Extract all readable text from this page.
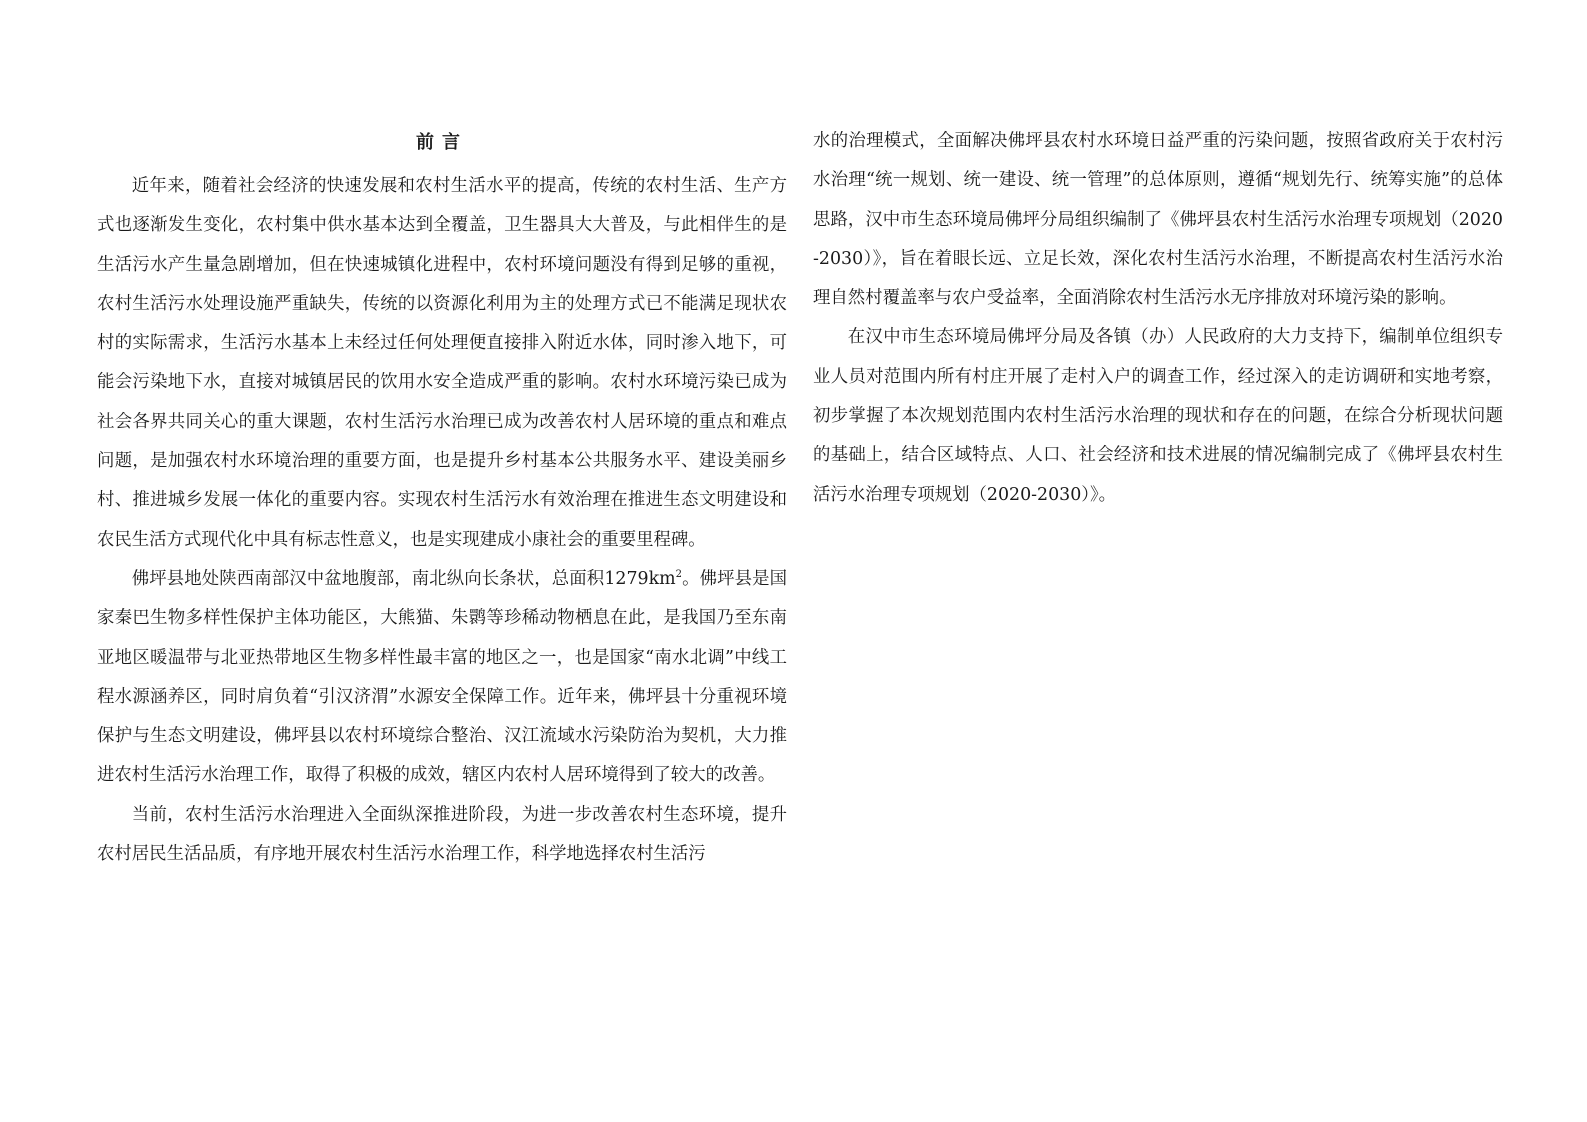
前言

近年来，随着社会经济的快速发展和农村生活水平的提高，传统的农村生活、生产方式也逐渐发生变化，农村集中供水基本达到全覆盖，卫生器具大大普及，与此相伴生的是生活污水产生量急剧增加，但在快速城镇化进程中，农村环境问题没有得到足够的重视，农村生活污水处理设施严重缺失，传统的以资源化利用为主的处理方式已不能满足现状农村的实际需求，生活污水基本上未经过任何处理便直接排入附近水体，同时渗入地下，可能会污染地下水，直接对城镇居民的饮用水安全造成严重的影响。农村水环境污染已成为社会各界共同关心的重大课题，农村生活污水治理已成为改善农村人居环境的重点和难点问题，是加强农村水环境治理的重要方面，也是提升乡村基本公共服务水平、建设美丽乡村、推进城乡发展一体化的重要内容。实现农村生活污水有效治理在推进生态文明建设和农民生活方式现代化中具有标志性意义，也是实现建成小康社会的重要里程碑。

佛坪县地处陕西南部汉中盆地腹部，南北纵向长条状，总面积$1279km^2$。佛坪县是国家秦巴生物多样性保护主体功能区，大熊猫、朱鹮等珍稀动物栖息在此，是我国乃至东南亚地区暖温带与北亚热带地区生物多样性最丰富的地区之一，也是国家“南水北调”中线工程水源涵养区，同时肩负着“引汉济渭”水源安全保障工作。近年来，佛坪县十分重视环境保护与生态文明建设，佛坪县以农村环境综合整治、汉江流域水污染防治为契机，大力推进农村生活污水治理工作，取得了积极的成效，辖区内农村人居环境得到了较大的改善。

当前，农村生活污水治理进入全面纵深推进阶段，为进一步改善农村生态环境，提升农村居民生活品质，有序地开展农村生活污水治理工作，科学地选择农村生活污

水的治理模式，全面解决佛坪县农村水环境日益严重的污染问题，按照省政府关于农村污水治理“统一规划、统一建设、统一管理”的总体原则，遵循“规划先行、统筹实施”的总体思路，汉中市生态环境局佛坪分局组织编制了《佛坪县农村生活污水治理专项规划（2020-2030）》，旨在着眼长远、立足长效，深化农村生活污水治理，不断提高农村生活污水治理自然村覆盖率与农户受益率，全面消除农村生活污水无序排放对环境污染的影响。

在汉中市生态环境局佛坪分局及各镇（办）人民政府的大力支持下，编制单位组织专业人员对范围内所有村庄开展了走村入户的调查工作，经过深入的走访调研和实地考察，初步掌握了本次规划范围内农村生活污水治理的现状和存在的问题，在综合分析现状问题的基础上，结合区域特点、人口、社会经济和技术进展的情况编制完成了《佛坪县农村生活污水治理专项规划（2020-2030）》。
